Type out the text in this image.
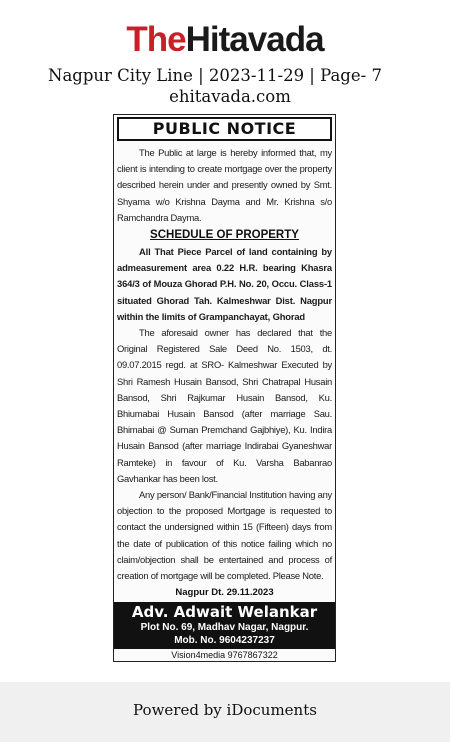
TheHitavada
Nagpur City Line | 2023-11-29 | Page- 7
ehitavada.com
PUBLIC NOTICE

The Public at large is hereby informed that, my client is intending to create mortgage over the property described herein under and presently owned by Smt. Shyama w/o Krishna Dayma and Mr. Krishna s/o Ramchandra Dayma.

SCHEDULE OF PROPERTY

All That Piece Parcel of land containing by admeasurement area 0.22 H.R. bearing Khasra 364/3 of Mouza Ghorad P.H. No. 20, Occu. Class-1 situated Ghorad Tah. Kalmeshwar Dist. Nagpur within the limits of Grampanchayat, Ghorad

The aforesaid owner has declared that the Original Registered Sale Deed No. 1503, dt. 09.07.2015 regd. at SRO- Kalmeshwar Executed by Shri Ramesh Husain Bansod, Shri Chatrapal Husain Bansod, Shri Rajkumar Husain Bansod, Ku. Bhiumabai Husain Bansod (after marriage Sau. Bhimabai @ Suman Premchand Gajbhiye), Ku. Indira Husain Bansod (after marriage Indirabai Gyaneshwar Ramteke) in favour of Ku. Varsha Babanrao Gavhankar has been lost.

Any person/ Bank/Financial Institution having any objection to the proposed Mortgage is requested to contact the undersigned within 15 (Fifteen) days from the date of publication of this notice failing which no claim/objection shall be entertained and process of creation of mortgage will be completed. Please Note.

Nagpur Dt. 29.11.2023
Adv. Adwait Welankar
Plot No. 69, Madhav Nagar, Nagpur.
Mob. No. 9604237237
Vision4media 9767867322
Powered by iDocuments
